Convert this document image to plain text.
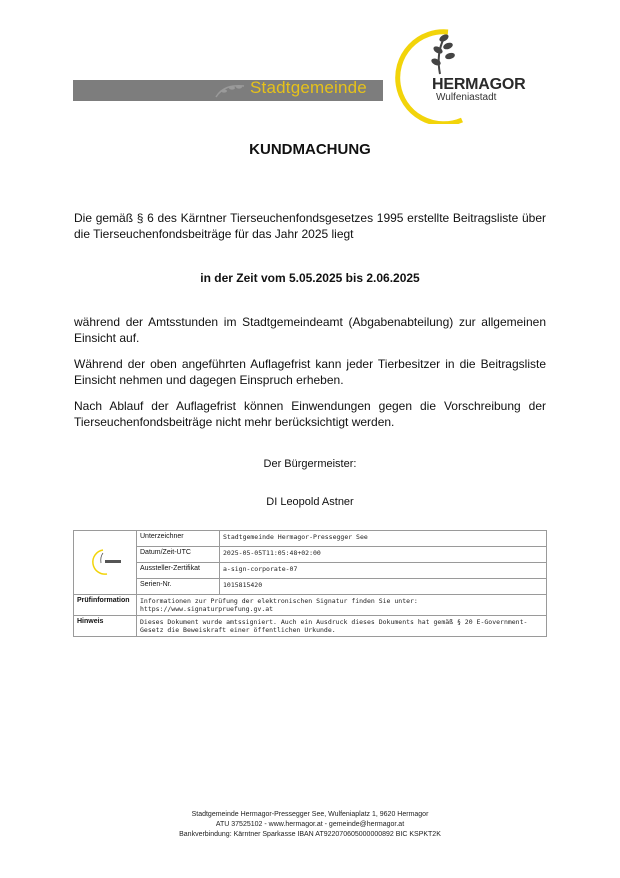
Stadtgemeinde	HERMAGOR
Wulfeniastadt
KUNDMACHUNG
Die gemäß § 6 des Kärntner Tierseuchenfondsgesetzes 1995 erstellte Beitragsliste über die Tierseuchenfondsbeiträge für das Jahr 2025 liegt
in der Zeit vom 5.05.2025 bis 2.06.2025
während der Amtsstunden im Stadtgemeindeamt (Abgabenabteilung) zur allgemeinen Einsicht auf.
Während der oben angeführten Auflagefrist kann jeder Tierbesitzer in die Beitragsliste Einsicht nehmen und dagegen Einspruch erheben.
Nach Ablauf der Auflagefrist können Einwendungen gegen die Vorschreibung der Tierseuchenfondsbeiträge nicht mehr berücksichtigt werden.
Der Bürgermeister:
DI Leopold Astner
	Unterzeichner	Stadtgemeinde Hermagor-Pressegger See
	Datum/Zeit-UTC	2025-05-05T11:05:48+02:00
	Aussteller-Zertifikat	a-sign-corporate-07
	Serien-Nr.	1015815420
Prüfinformation	Informationen zur Prüfung der elektronischen Signatur finden Sie unter: https://www.signaturpruefung.gv.at	
Hinweis	Dieses Dokument wurde amtssigniert. Auch ein Ausdruck dieses Dokuments hat gemäß § 20 E-Government-Gesetz die Beweiskraft einer öffentlichen Urkunde.	
Stadtgemeinde Hermagor-Pressegger See, Wulfeniaplatz 1, 9620 Hermagor
ATU 37525102 - www.hermagor.at - gemeinde@hermagor.at
Bankverbindung: Kärntner Sparkasse IBAN AT922070605000000892 BIC KSPKT2K
